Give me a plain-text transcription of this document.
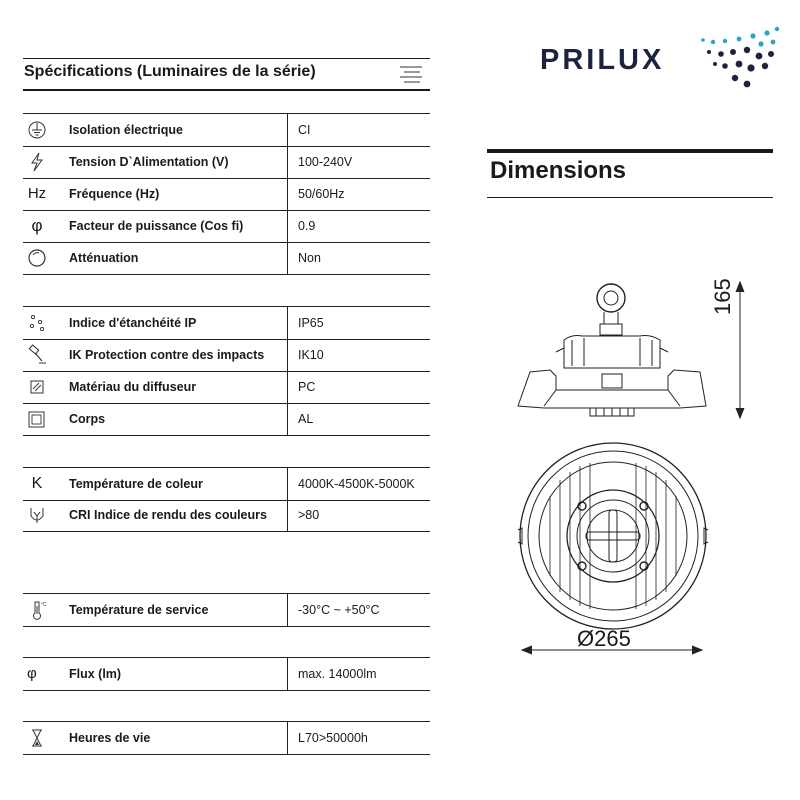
Spécifications (Luminaires de la série)
Isolation électrique	CI
Tension D`Alimentation (V)	100-240V
Hz Fréquence (Hz)	50/60Hz
φ	Facteur de puissance (Cos fi)	0.9
Atténuation	Non
Indice d'étanchéité IP	IP65
IK Protection contre des impacts	IK10
Matériau du diffuseur	PC
Corps	AL
K	Température de coleur	4000K-4500K-5000K
CRI Indice de rendu des couleurs >80
°C Température de service	-30°C ~ +50°C
φ	Flux (lm)	max. 14000lm
Heures de vie	L70>50000h
PRILUX
Dimensions
165
Ø265
